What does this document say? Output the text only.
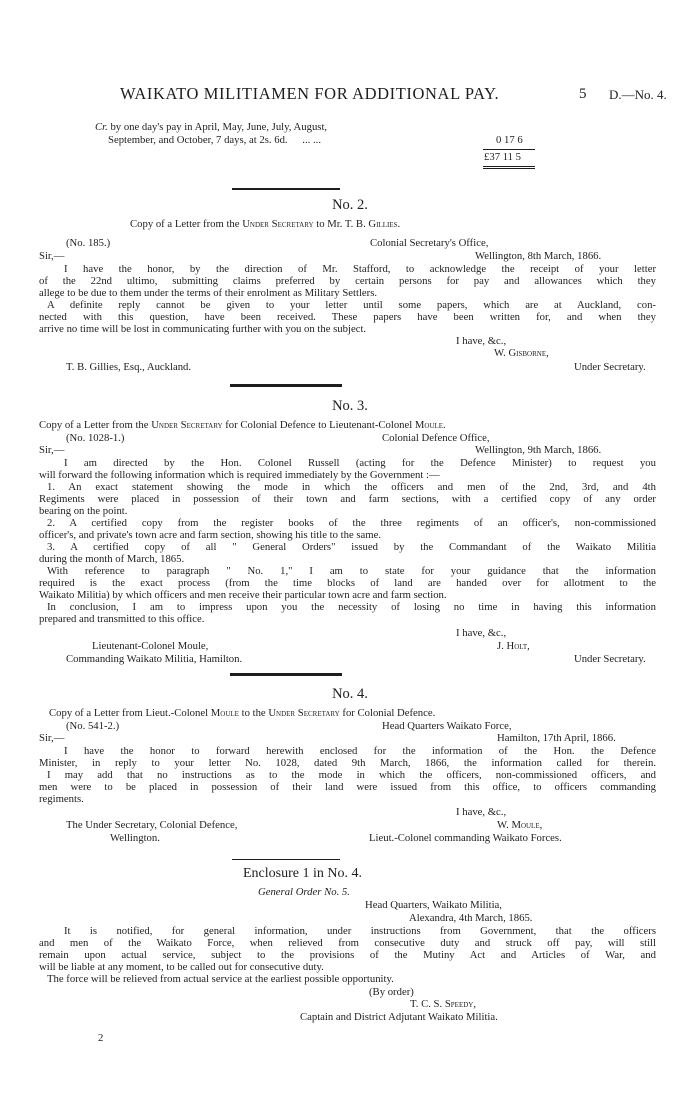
WAIKATO MILITIAMEN FOR ADDITIONAL PAY.	5 D.—No. 4.
Cr. by one day's pay in April, May, June, July, August,
September, and October, 7 days, at 2s. 6d. ... ...	0 17 6
£37 11 5
No. 2.
Copy of a Letter from the Under Secretary to Mr. T. B. Gillies.
(No. 185.)	Colonial Secretary's Office,
Sir,—	Wellington, 8th March, 1866.
I have the honor, by the direction of Mr. Stafford, to acknowledge the receipt of your letter
of the 22nd ultimo, submitting claims preferred by certain persons for pay and allowances which they
allege to be due to them under the terms of their enrolment as Military Settlers.
A definite reply cannot be given to your letter until some papers, which are at Auckland, con-
nected with this question, have been received. These papers have been written for, and when they
arrive no time will be lost in communicating further with you on the subject.
I have, &c.,
W. Gisborne,
T. B. Gillies, Esq., Auckland.	Under Secretary.
No. 3.
Copy of a Letter from the Under Secretary for Colonial Defence to Lieutenant-Colonel Moule.
(No. 1028-1.)	Colonial Defence Office,
Sir,—	Wellington, 9th March, 1866.
I am directed by the Hon. Colonel Russell (acting for the Defence Minister) to request you
will forward the following information which is required immediately by the Government :—
1. An exact statement showing the mode in which the officers and men of the 2nd, 3rd, and 4th
Regiments were placed in possession of their town and farm sections, with a certified copy of any order
bearing on the point.
2. A certified copy from the register books of the three regiments of an officer's, non-commissioned
officer's, and private's town acre and farm section, showing his title to the same.
3. A certified copy of all " General Orders" issued by the Commandant of the Waikato Militia
during the month of March, 1865.
With reference to paragraph " No. 1," I am to state for your guidance that the information
required is the exact process (from the time blocks of land are handed over for allotment to the
Waikato Militia) by which officers and men receive their particular town acre and farm section.
In conclusion, I am to impress upon you the necessity of losing no time in having this information
prepared and transmitted to this office.
I have, &c.,
Lieutenant-Colonel Moule,	J. Holt,
Commanding Waikato Militia, Hamilton.	Under Secretary.
No. 4.
Copy of a Letter from Lieut.-Colonel Moule to the Under Secretary for Colonial Defence.
(No. 541-2.)	Head Quarters Waikato Force,
Sir,—	Hamilton, 17th April, 1866.
I have the honor to forward herewith enclosed for the information of the Hon. the Defence
Minister, in reply to your letter No. 1028, dated 9th March, 1866, the information called for therein.
I may add that no instructions as to the mode in which the officers, non-commissioned officers, and
men were to be placed in possession of their land were issued from this office, to officers commanding
regiments.
I have, &c.,
The Under Secretary, Colonial Defence,	W. Moule,
Wellington.	Lieut.-Colonel commanding Waikato Forces.
Enclosure 1 in No. 4.
General Order No. 5.
Head Quarters, Waikato Militia,
Alexandra, 4th March, 1865.
It is notified, for general information, under instructions from Government, that the officers
and men of the Waikato Force, when relieved from consecutive duty and struck off pay, will still
remain upon actual service, subject to the provisions of the Mutiny Act and Articles of War, and
will be liable at any moment, to be called out for consecutive duty.
The force will be relieved from actual service at the earliest possible opportunity.
(By order)
T. C. S. Speedy,
Captain and District Adjutant Waikato Militia.
2
